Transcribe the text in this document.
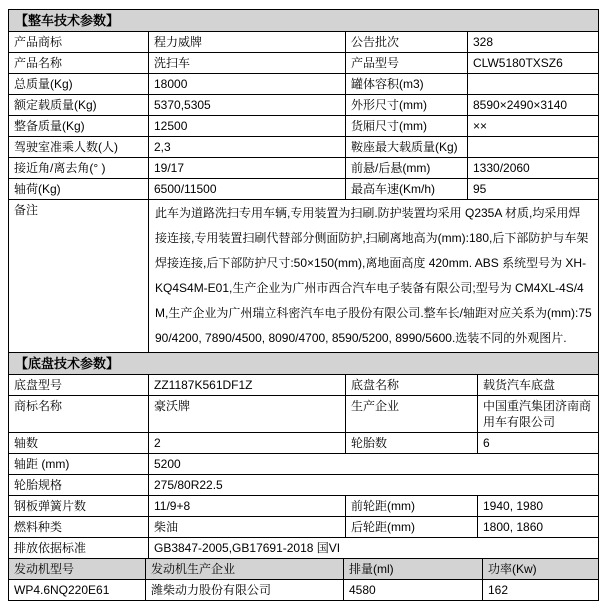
【整车技术参数】			
产品商标	程力威牌	公告批次	328
产品名称	洗扫车	产品型号	CLW5180TXSZ6
总质量(Kg)	18000	罐体容积(m3)	
额定载质量(Kg)	5370,5305	外形尺寸(mm)	8590×2490×3140
整备质量(Kg)	12500	货厢尺寸(mm)	××
驾驶室准乘人数(人)	2,3	鞍座最大载质量(Kg)	
接近角/离去角(° )	19/17	前悬/后悬(mm)	1330/2060
轴荷(Kg)	6500/11500	最高车速(Km/h)	95
备注	此车为道路洗扫专用车辆,专用装置为扫刷.防护装置均采用 Q235A 材质,均采用焊接连接,专用装置扫刷代替部分侧面防护,扫刷离地高为(mm):180,后下部防护与车架焊接连接,后下部防护尺寸:50×150(mm),离地面高度 420mm. ABS 系统型号为 XH-KQ4S4M-E01,生产企业为广州市西合汽车电子装备有限公司;型号为 CM4XL-4S/4M,生产企业为广州瑞立科密汽车电子股份有限公司.整车长/轴距对应关系为(mm):7590/4200, 7890/4500, 8090/4700, 8590/5200, 8990/5600.选装不同的外观图片.		
【底盘技术参数】			
底盘型号	ZZ1187K561DF1Z	底盘名称	载货汽车底盘
商标名称	豪沃牌	生产企业	中国重汽集团济南商用车有限公司
轴数	2	轮胎数	6
轴距 (mm)	5200		
轮胎规格	275/80R22.5		
钢板弹簧片数	11/9+8	前轮距(mm)	1940, 1980
燃料种类	柴油	后轮距(mm)	1800, 1860
排放依据标准	GB3847-2005,GB17691-2018 国VI		
发动机型号	发动机生产企业	排量(ml)	功率(Kw)
WP4.6NQ220E61	潍柴动力股份有限公司	4580	162
